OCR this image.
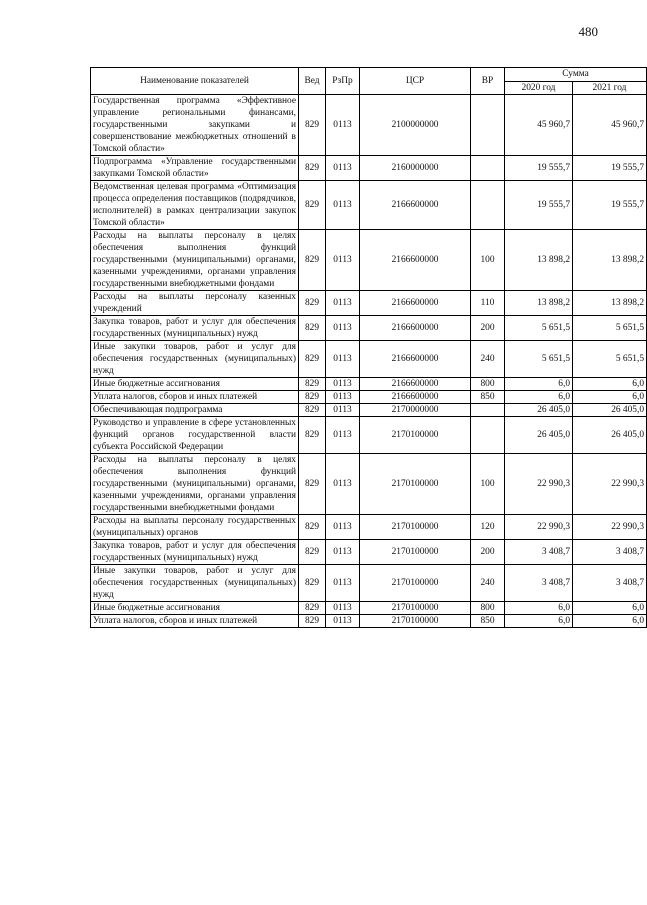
480
Наименование показателей	Вед	РзПр	ЦСР	ВР	Сумма	
					2020 год	2021 год
Государственная программа «Эффективное управление региональными финансами, государственными закупками и совершенствование межбюджетных отношений в Томской области»	829	0113	2100000000		45 960,7	45 960,7
Подпрограмма «Управление государственными закупками Томской области»	829	0113	2160000000		19 555,7	19 555,7
Ведомственная целевая программа «Оптимизация процесса определения поставщиков (подрядчиков, исполнителей) в рамках централизации закупок Томской области»	829	0113	2166600000		19 555,7	19 555,7
Расходы на выплаты персоналу в целях обеспечения выполнения функций государственными (муниципальными) органами, казенными учреждениями, органами управления государственными внебюджетными фондами	829	0113	2166600000	100	13 898,2	13 898,2
Расходы на выплаты персоналу казенных учреждений	829	0113	2166600000	110	13 898,2	13 898,2
Закупка товаров, работ и услуг для обеспечения государственных (муниципальных) нужд	829	0113	2166600000	200	5 651,5	5 651,5
Иные закупки товаров, работ и услуг для обеспечения государственных (муниципальных) нужд	829	0113	2166600000	240	5 651,5	5 651,5
Иные бюджетные ассигнования	829	0113	2166600000	800	6,0	6,0
Уплата налогов, сборов и иных платежей	829	0113	2166600000	850	6,0	6,0
Обеспечивающая подпрограмма	829	0113	2170000000		26 405,0	26 405,0
Руководство и управление в сфере установленных функций органов государственной власти субъекта Российской Федерации	829	0113	2170100000		26 405,0	26 405,0
Расходы на выплаты персоналу в целях обеспечения выполнения функций государственными (муниципальными) органами, казенными учреждениями, органами управления государственными внебюджетными фондами	829	0113	2170100000	100	22 990,3	22 990,3
Расходы на выплаты персоналу государственных (муниципальных) органов	829	0113	2170100000	120	22 990,3	22 990,3
Закупка товаров, работ и услуг для обеспечения государственных (муниципальных) нужд	829	0113	2170100000	200	3 408,7	3 408,7
Иные закупки товаров, работ и услуг для обеспечения государственных (муниципальных) нужд	829	0113	2170100000	240	3 408,7	3 408,7
Иные бюджетные ассигнования	829	0113	2170100000	800	6,0	6,0
Уплата налогов, сборов и иных платежей	829	0113	2170100000	850	6,0	6,0
